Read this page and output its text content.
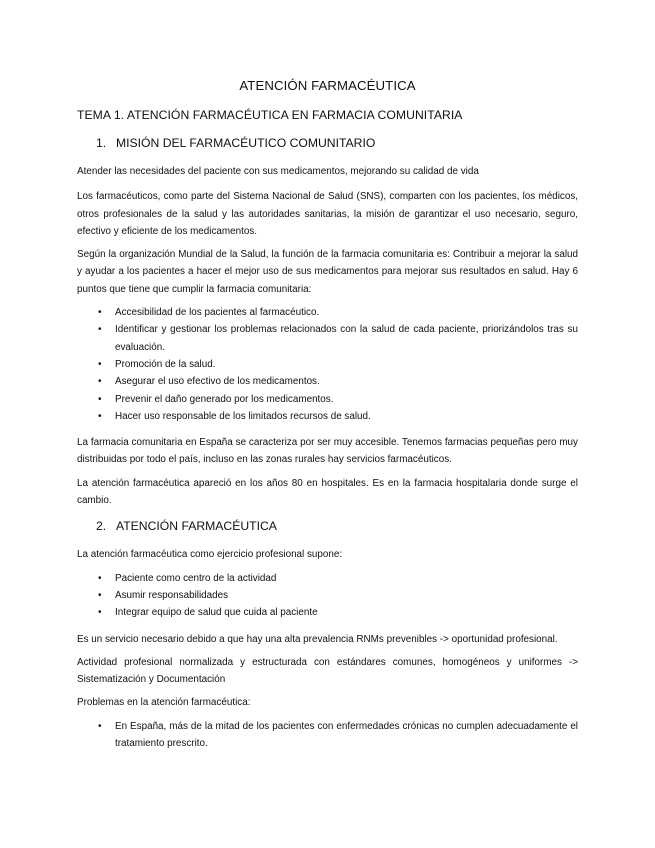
ATENCIÓN FARMACÉUTICA
TEMA 1. ATENCIÓN FARMACÉUTICA EN FARMACIA COMUNITARIA
1. MISIÓN DEL FARMACÉUTICO COMUNITARIO

Atender las necesidades del paciente con sus medicamentos, mejorando su calidad de vida

Los farmacéuticos, como parte del Sistema Nacional de Salud (SNS), comparten con los pacientes, los médicos, otros profesionales de la salud y las autoridades sanitarias, la misión de garantizar el uso necesario, seguro, efectivo y eficiente de los medicamentos.

Según la organización Mundial de la Salud, la función de la farmacia comunitaria es: Contribuir a mejorar la salud y ayudar a los pacientes a hacer el mejor uso de sus medicamentos para mejorar sus resultados en salud. Hay 6 puntos que tiene que cumplir la farmacia comunitaria:

• Accesibilidad de los pacientes al farmacéutico.
• Identificar y gestionar los problemas relacionados con la salud de cada paciente, priorizándolos tras su evaluación.
• Promoción de la salud.
• Asegurar el uso efectivo de los medicamentos.
• Prevenir el daño generado por los medicamentos.
• Hacer uso responsable de los limitados recursos de salud.

La farmacia comunitaria en España se caracteriza por ser muy accesible. Tenemos farmacias pequeñas pero muy distribuidas por todo el país, incluso en las zonas rurales hay servicios farmacéuticos.

La atención farmacéutica apareció en los años 80 en hospitales. Es en la farmacia hospitalaria donde surge el cambio.

2. ATENCIÓN FARMACÉUTICA

La atención farmacéutica como ejercicio profesional supone:

• Paciente como centro de la actividad
• Asumir responsabilidades
• Integrar equipo de salud que cuida al paciente

Es un servicio necesario debido a que hay una alta prevalencia RNMs prevenibles -> oportunidad profesional.

Actividad profesional normalizada y estructurada con estándares comunes, homogéneos y uniformes -> Sistematización y Documentación

Problemas en la atención farmacéutica:

• En España, más de la mitad de los pacientes con enfermedades crónicas no cumplen adecuadamente el tratamiento prescrito.
